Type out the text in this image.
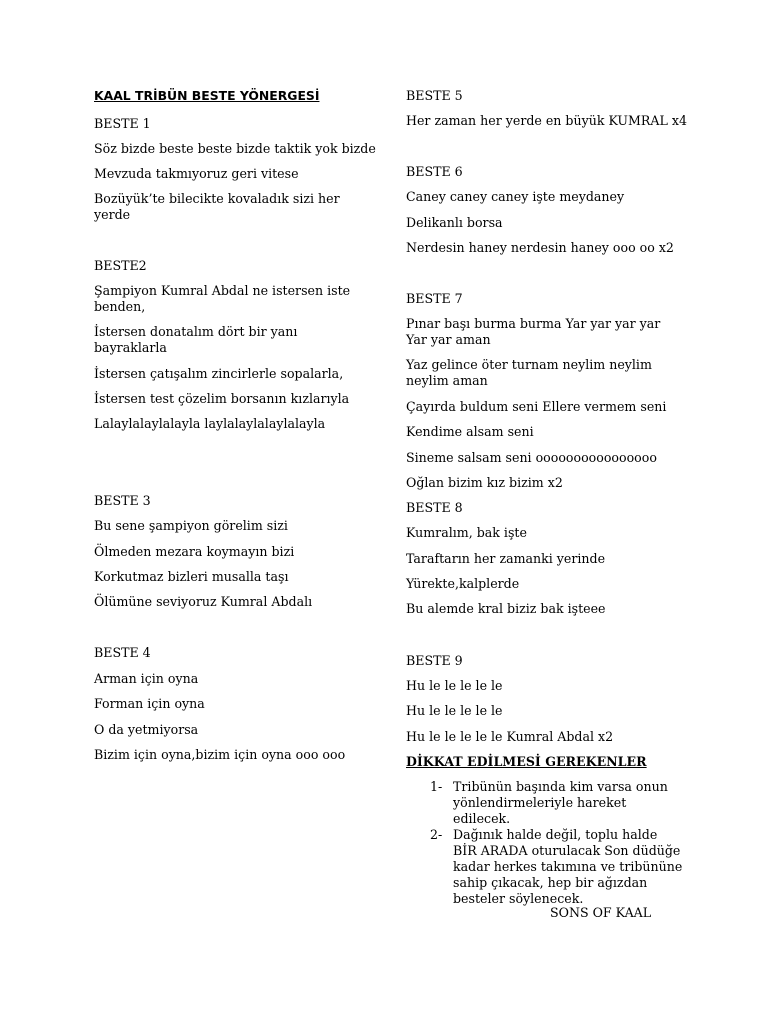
KAAL TRİBÜN BESTE YÖNERGESİ
BESTE 1
Söz bizde beste beste bizde taktik yok bizde
Mevzuda takmıyoruz geri vitese
Bozüyük’te bilecikte kovaladık sizi her yerde
BESTE2
Şampiyon Kumral Abdal ne istersen iste benden,
İstersen donatalım dört bir yanı bayraklarla
İstersen çatışalım zincirlerle sopalarla,
İstersen test çözelim borsanın kızlarıyla
Lalaylalaylalayla laylalaylalaylalayla
BESTE 3
Bu sene şampiyon görelim sizi
Ölmeden mezara koymayın bizi
Korkutmaz bizleri musalla taşı
Ölümüne seviyoruz Kumral Abdalı
BESTE 4
Arman için oyna
Forman için oyna
O da yetmiyorsa
Bizim için oyna,bizim için oyna ooo ooo
BESTE 5
Her zaman her yerde en büyük KUMRAL x4
BESTE 6
Caney caney caney işte meydaney
Delikanlı borsa
Nerdesin haney nerdesin haney ooo oo x2
BESTE 7
Pınar başı burma burma Yar yar yar yar Yar yar aman
Yaz gelince öter turnam neylim neylim neylim aman
Çayırda buldum seni Ellere vermem seni
Kendime alsam seni
Sineme salsam seni oooooooooooooooo
Oğlan bizim kız bizim x2
BESTE 8
Kumralım, bak işte
Taraftarın her zamanki yerinde
Yürekte,kalplerde
Bu alemde kral biziz bak işteee
BESTE 9
Hu le le le le le
Hu le le le le le
Hu le le le le le Kumral Abdal x2
DİKKAT EDİLMESİ GEREKENLER
1- Tribünün başında kim varsa onun yönlendirmeleriyle hareket edilecek.
2- Dağınık halde değil, toplu halde BİR ARADA oturulacak Son düdüğe kadar herkes takımına ve tribününe sahip çıkacak, hep bir ağızdan besteler söylenecek.
SONS OF KAAL
